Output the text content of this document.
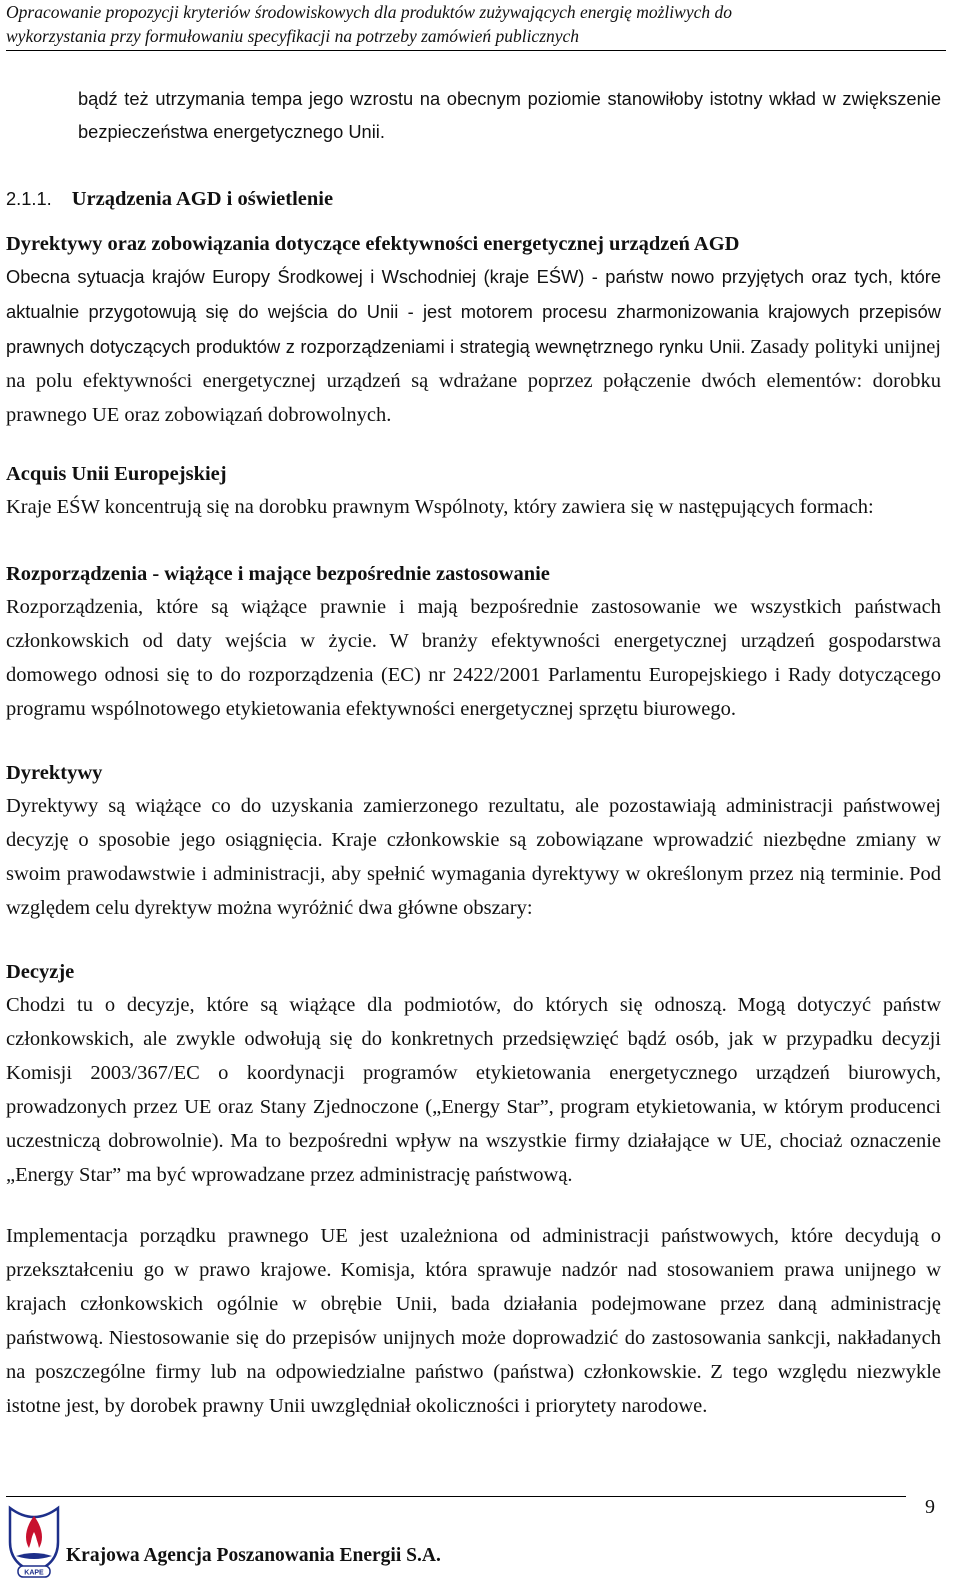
Opracowanie propozycji kryteriów środowiskowych dla produktów zużywających energię możliwych do
wykorzystania przy formułowaniu specyfikacji na potrzeby zamówień publicznych

bądź też utrzymania tempa jego wzrostu na obecnym poziomie stanowiłoby istotny wkład w zwiększenie bezpieczeństwa energetycznego Unii.

2.1.1. Urządzenia AGD i oświetlenie
Dyrektywy oraz zobowiązania dotyczące efektywności energetycznej urządzeń AGD

Obecna sytuacja krajów Europy Środkowej i Wschodniej (kraje EŚW) - państw nowo przyjętych oraz tych, które aktualnie przygotowują się do wejścia do Unii - jest motorem procesu zharmonizowania krajowych przepisów prawnych dotyczących produktów z rozporządzeniami i strategią wewnętrznego rynku Unii. Zasady polityki unijnej na polu efektywności energetycznej urządzeń są wdrażane poprzez połączenie dwóch elementów: dorobku prawnego UE oraz zobowiązań dobrowolnych.

Acquis Unii Europejskiej

Kraje EŚW koncentrują się na dorobku prawnym Wspólnoty, który zawiera się w następujących formach:

Rozporządzenia - wiążące i mające bezpośrednie zastosowanie

Rozporządzenia, które są wiążące prawnie i mają bezpośrednie zastosowanie we wszystkich państwach członkowskich od daty wejścia w życie. W branży efektywności energetycznej urządzeń gospodarstwa domowego odnosi się to do rozporządzenia (EC) nr 2422/2001 Parlamentu Europejskiego i Rady dotyczącego programu wspólnotowego etykietowania efektywności energetycznej sprzętu biurowego.

Dyrektywy

Dyrektywy są wiążące co do uzyskania zamierzonego rezultatu, ale pozostawiają administracji państwowej decyzję o sposobie jego osiągnięcia. Kraje członkowskie są zobowiązane wprowadzić niezbędne zmiany w swoim prawodawstwie i administracji, aby spełnić wymagania dyrektywy w określonym przez nią terminie. Pod względem celu dyrektyw można wyróżnić dwa główne obszary:

Decyzje

Chodzi tu o decyzje, które są wiążące dla podmiotów, do których się odnoszą. Mogą dotyczyć państw członkowskich, ale zwykle odwołują się do konkretnych przedsięwzięć bądź osób, jak w przypadku decyzji Komisji 2003/367/EC o koordynacji programów etykietowania energetycznego urządzeń biurowych, prowadzonych przez UE oraz Stany Zjednoczone („Energy Star”, program etykietowania, w którym producenci uczestniczą dobrowolnie). Ma to bezpośredni wpływ na wszystkie firmy działające w UE, chociaż oznaczenie „Energy Star” ma być wprowadzane przez administrację państwową.

Implementacja porządku prawnego UE jest uzależniona od administracji państwowych, które decydują o przekształceniu go w prawo krajowe. Komisja, która sprawuje nadzór nad stosowaniem prawa unijnego w krajach członkowskich ogólnie w obrębie Unii, bada działania podejmowane przez daną administrację państwową. Niestosowanie się do przepisów unijnych może doprowadzić do zastosowania sankcji, nakładanych na poszczególne firmy lub na odpowiedzialne państwo (państwa) członkowskie. Z tego względu niezwykle istotne jest, by dorobek prawny Unii uwzględniał okoliczności i priorytety narodowe.

9
KAPE
Krajowa Agencja Poszanowania Energii S.A.
